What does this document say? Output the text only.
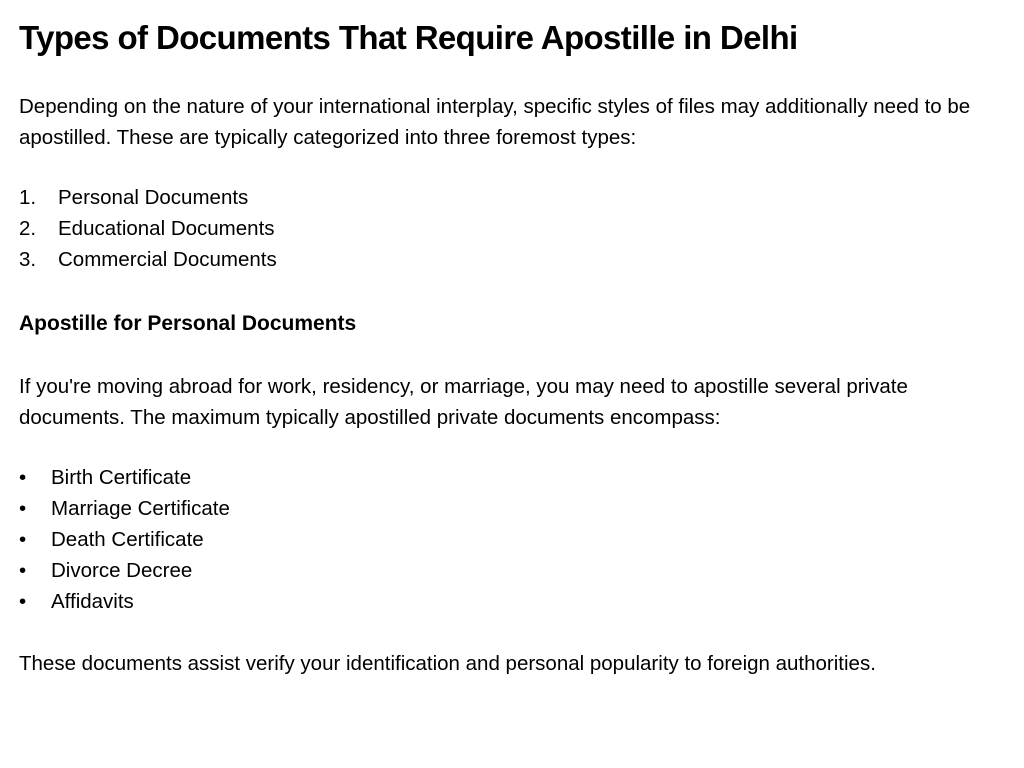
Types of Documents That Require Apostille in Delhi

Depending on the nature of your international interplay, specific styles of files may additionally need to be apostilled. These are typically categorized into three foremost types:

1. Personal Documents
2. Educational Documents
3. Commercial Documents
Apostille for Personal Documents

If you're moving abroad for work, residency, or marriage, you may need to apostille several private documents. The maximum typically apostilled private documents encompass:

• Birth Certificate
• Marriage Certificate
• Death Certificate
• Divorce Decree
• Affidavits

These documents assist verify your identification and personal popularity to foreign authorities.
